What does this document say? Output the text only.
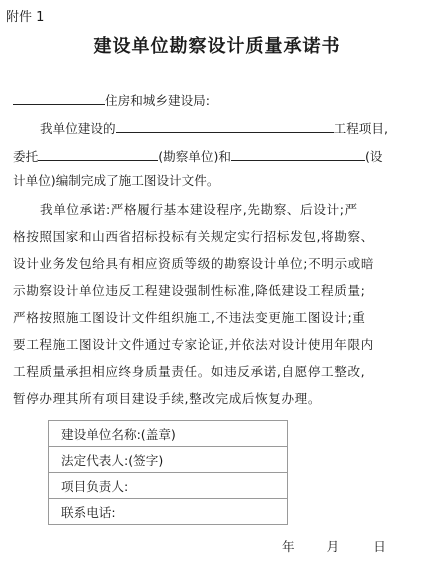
附件 1
建设单位勘察设计质量承诺书
住房和城乡建设局:
我单位建设的	工程项目,
委托	(勘察单位)和	(设
计单位)编制完成了施工图设计文件。
我单位承诺:严格履行基本建设程序,先勘察、后设计;严
格按照国家和山西省招标投标有关规定实行招标发包,将勘察、
设计业务发包给具有相应资质等级的勘察设计单位;不明示或暗
示勘察设计单位违反工程建设强制性标准,降低建设工程质量;
严格按照施工图设计文件组织施工,不违法变更施工图设计;重
要工程施工图设计文件通过专家论证,并依法对设计使用年限内
工程质量承担相应终身质量责任。如违反承诺,自愿停工整改,
暂停办理其所有项目建设手续,整改完成后恢复办理。
建设单位名称:(盖章)
法定代表人:(签字)
项目负责人:
联系电话:
年	月	日
